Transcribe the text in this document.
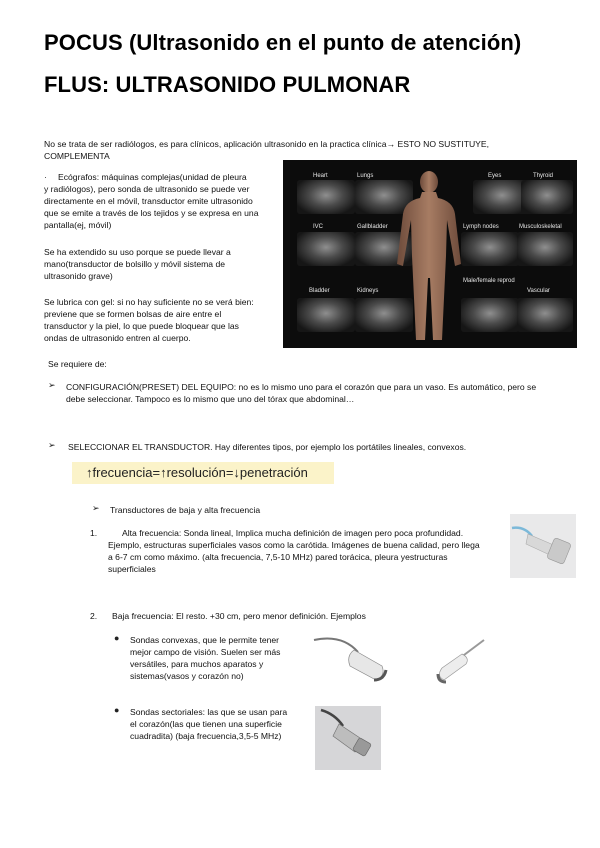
POCUS (Ultrasonido en el punto de atención)
FLUS: ULTRASONIDO PULMONAR
No se trata de ser radiólogos, es para clínicos, aplicación ultrasonido en la practica clínica→ ESTO NO SUSTITUYE,
COMPLEMENTA
· Ecógrafos: máquinas complejas(unidad de pleura
y radiólogos), pero sonda de ultrasonido se puede ver
directamente en el móvil, transductor emite ultrasonido
que se emite a través de los tejidos y se expresa en una
pantalla(ej, móvil)
Se ha extendido su uso porque se puede llevar a
mano(transductor de bolsillo y móvil sistema de
ultrasonido grave)
Se lubrica con gel: si no hay suficiente no se verá bien:
previene que se formen bolsas de aire entre el
transductor y la piel, lo que puede bloquear que las
ondas de ultrasonido entren al cuerpo.
Heart	Lungs	Eyes	Thyroid
IVC	Gallbladder	Lymph nodes	Musculoskeletal
Bladder	Kidneys
Male/female reprod
Vascular
Se requiere de:
➢ CONFIGURACIÓN(PRESET) DEL EQUIPO: no es lo mismo uno para el corazón que para un vaso. Es automático, pero se
debe seleccionar. Tampoco es lo mismo que uno del tórax que abdominal…
➢ SELECCIONAR EL TRANSDUCTOR. Hay diferentes tipos, por ejemplo los portátiles lineales, convexos.
↑frecuencia=↑resolución=↓penetración
➢ Transductores de baja y alta frecuencia
1.	Alta frecuencia: Sonda lineal, Implica mucha definición de imagen pero poca profundidad.
Ejemplo, estructuras superficiales vasos como la carótida. Imágenes de buena calidad, pero llega
a 6-7 cm como máximo. (alta frecuencia, 7,5-10 MHz) pared torácica, pleura yestructuras
superficiales
2. Baja frecuencia: El resto. +30 cm, pero menor definición. Ejemplos
● Sondas convexas, que le permite tener
mejor campo de visión. Suelen ser más
versátiles, para muchos aparatos y
sistemas(vasos y corazón no)
● Sondas sectoriales: las que se usan para
el corazón(las que tienen una superficie
cuadradita) (baja frecuencia,3,5-5 MHz)
